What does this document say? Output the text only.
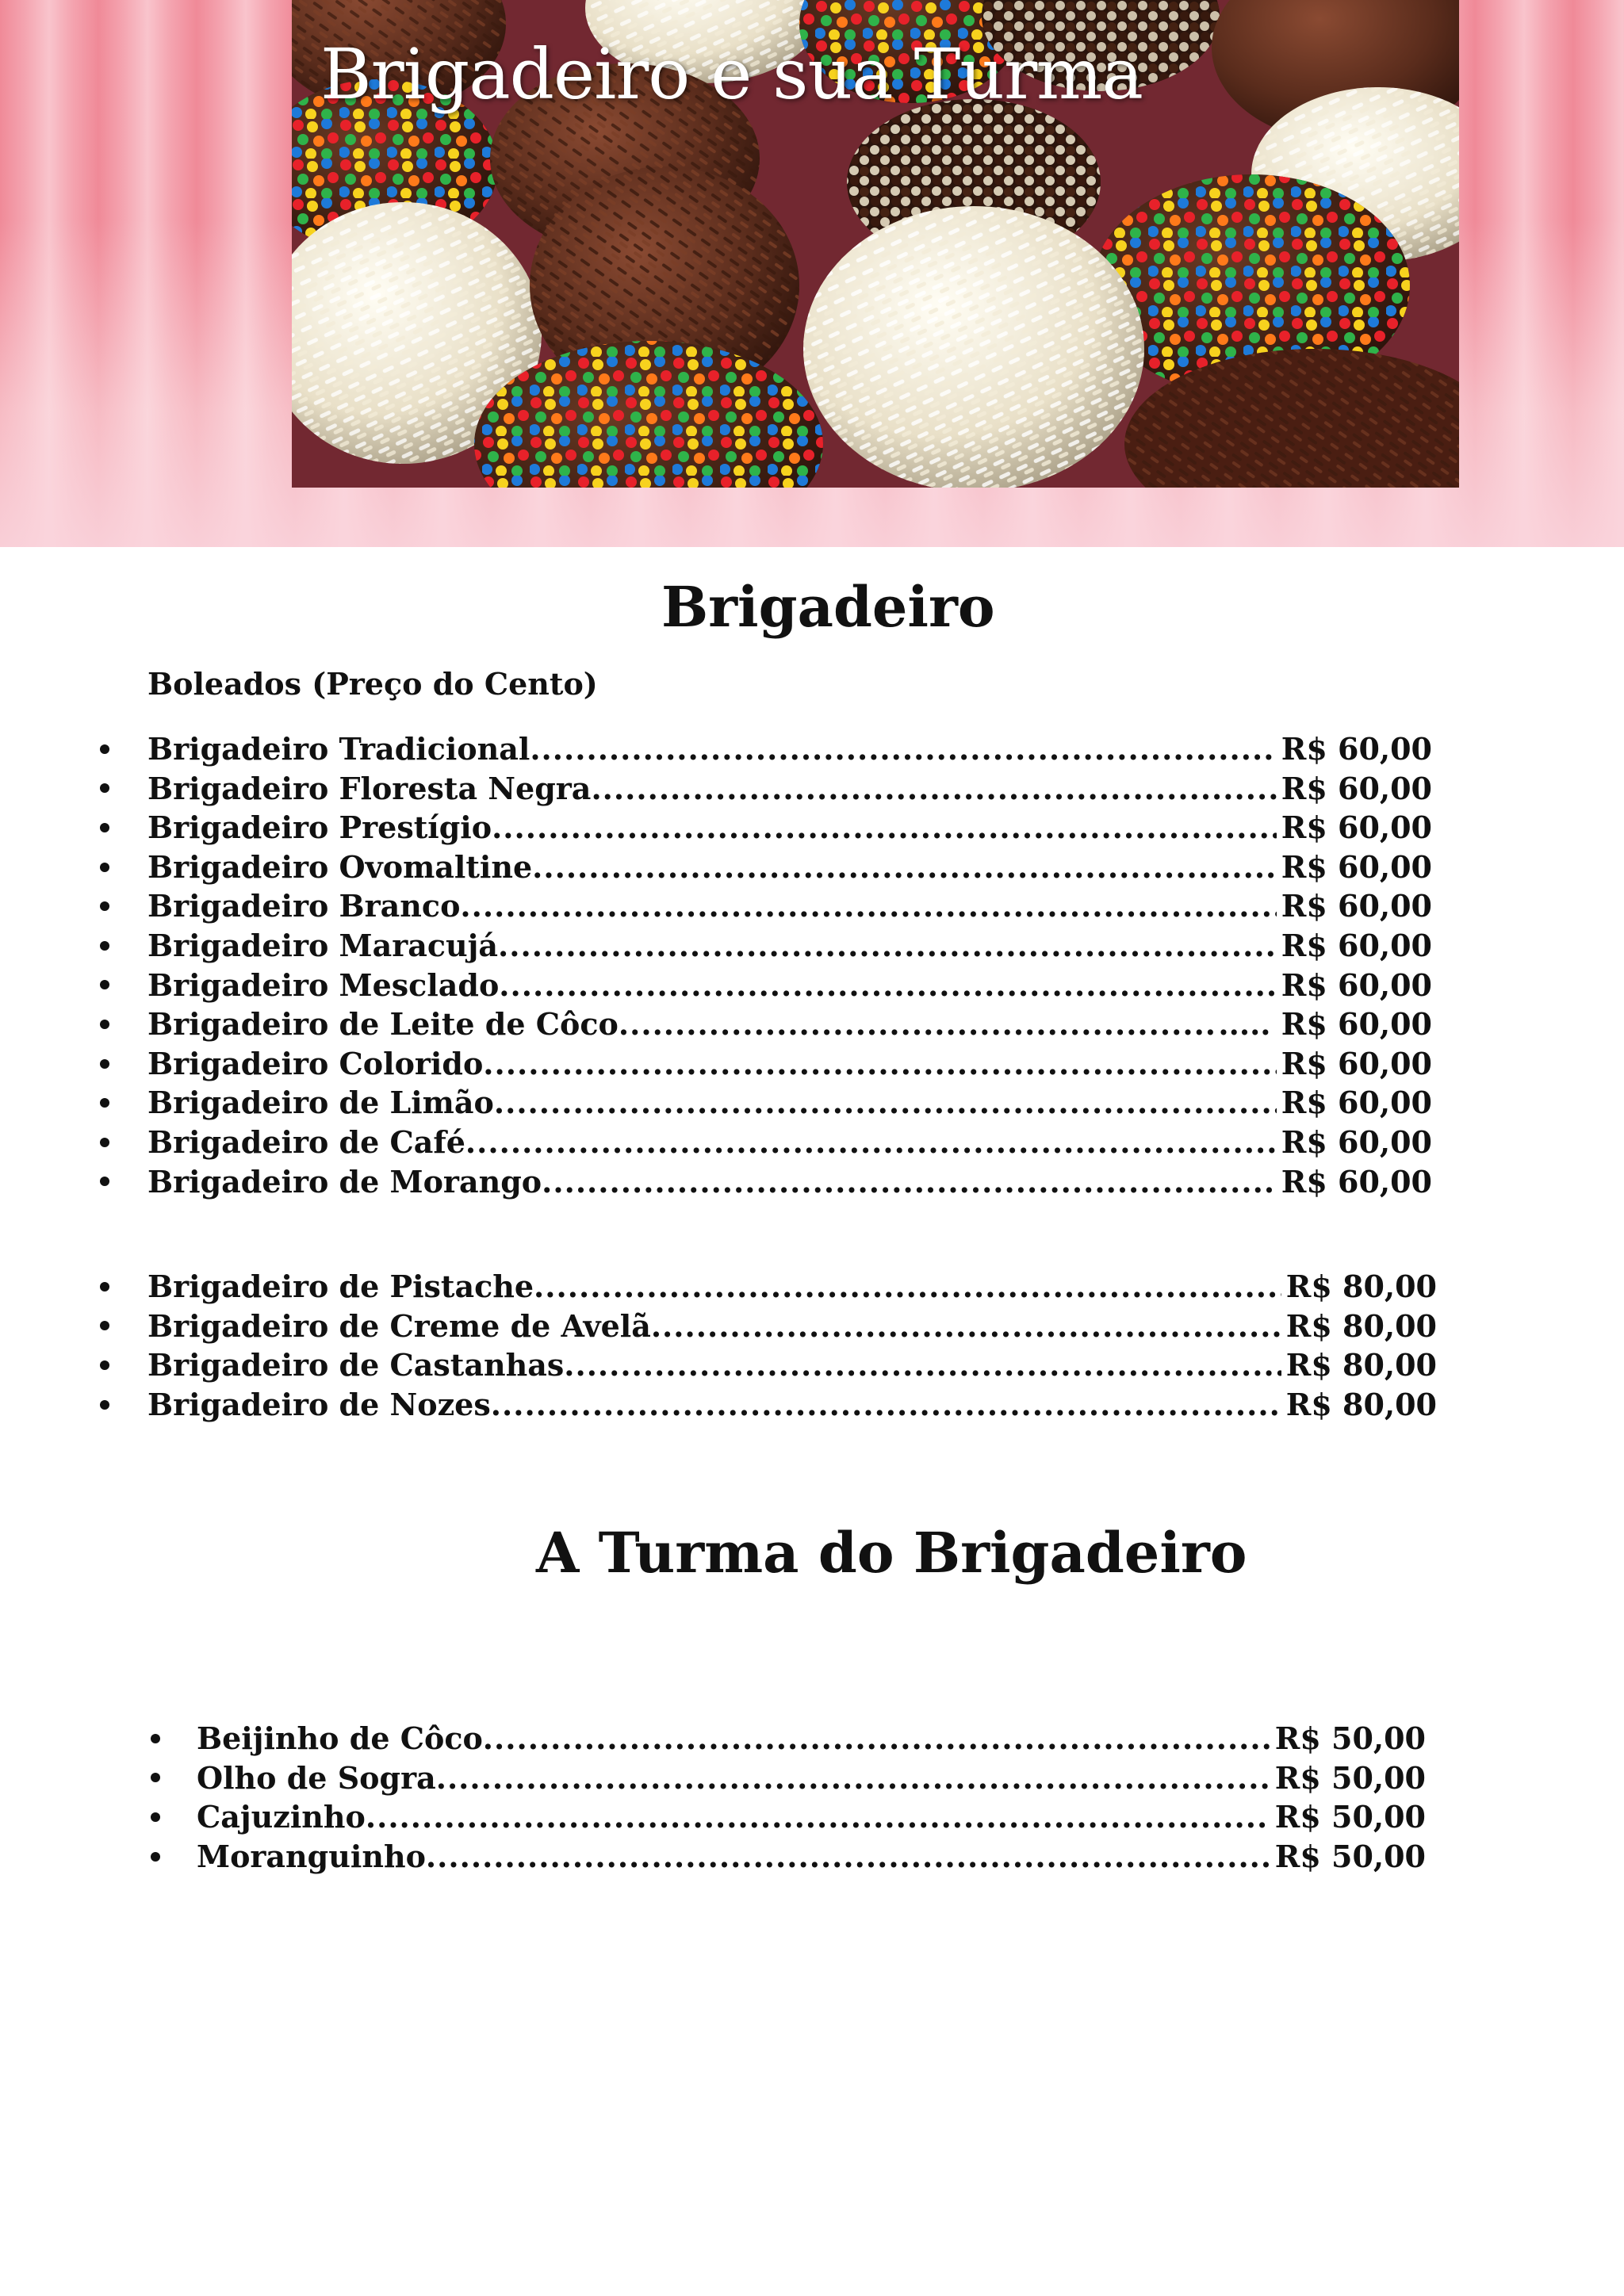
Brigadeiro e sua Turma
Brigadeiro
Boleados (Preço do Cento)
Brigadeiro Tradicional .....	R$ 60,00
Brigadeiro Floresta Negra .....	R$ 60,00
Brigadeiro Prestígio .....	R$ 60,00
Brigadeiro Ovomaltine .....	R$ 60,00
Brigadeiro Branco .....	R$ 60,00
Brigadeiro Maracujá .....	R$ 60,00
Brigadeiro Mesclado .....	R$ 60,00
Brigadeiro de Leite de Côco .....	..... R$ 60,00
Brigadeiro Colorido .....	R$ 60,00
Brigadeiro de Limão .....	R$ 60,00
Brigadeiro de Café .....	R$ 60,00
Brigadeiro de Morango .....	R$ 60,00
Brigadeiro de Pistache .....	R$ 80,00
Brigadeiro de Creme de Avelã .....	R$ 80,00
Brigadeiro de Castanhas .....	R$ 80,00
Brigadeiro de Nozes .....	R$ 80,00
A Turma do Brigadeiro
Beijinho de Côco .....	R$ 50,00
Olho de Sogra .....	R$ 50,00
Cajuzinho .....	R$ 50,00
Moranguinho .....	R$ 50,00
